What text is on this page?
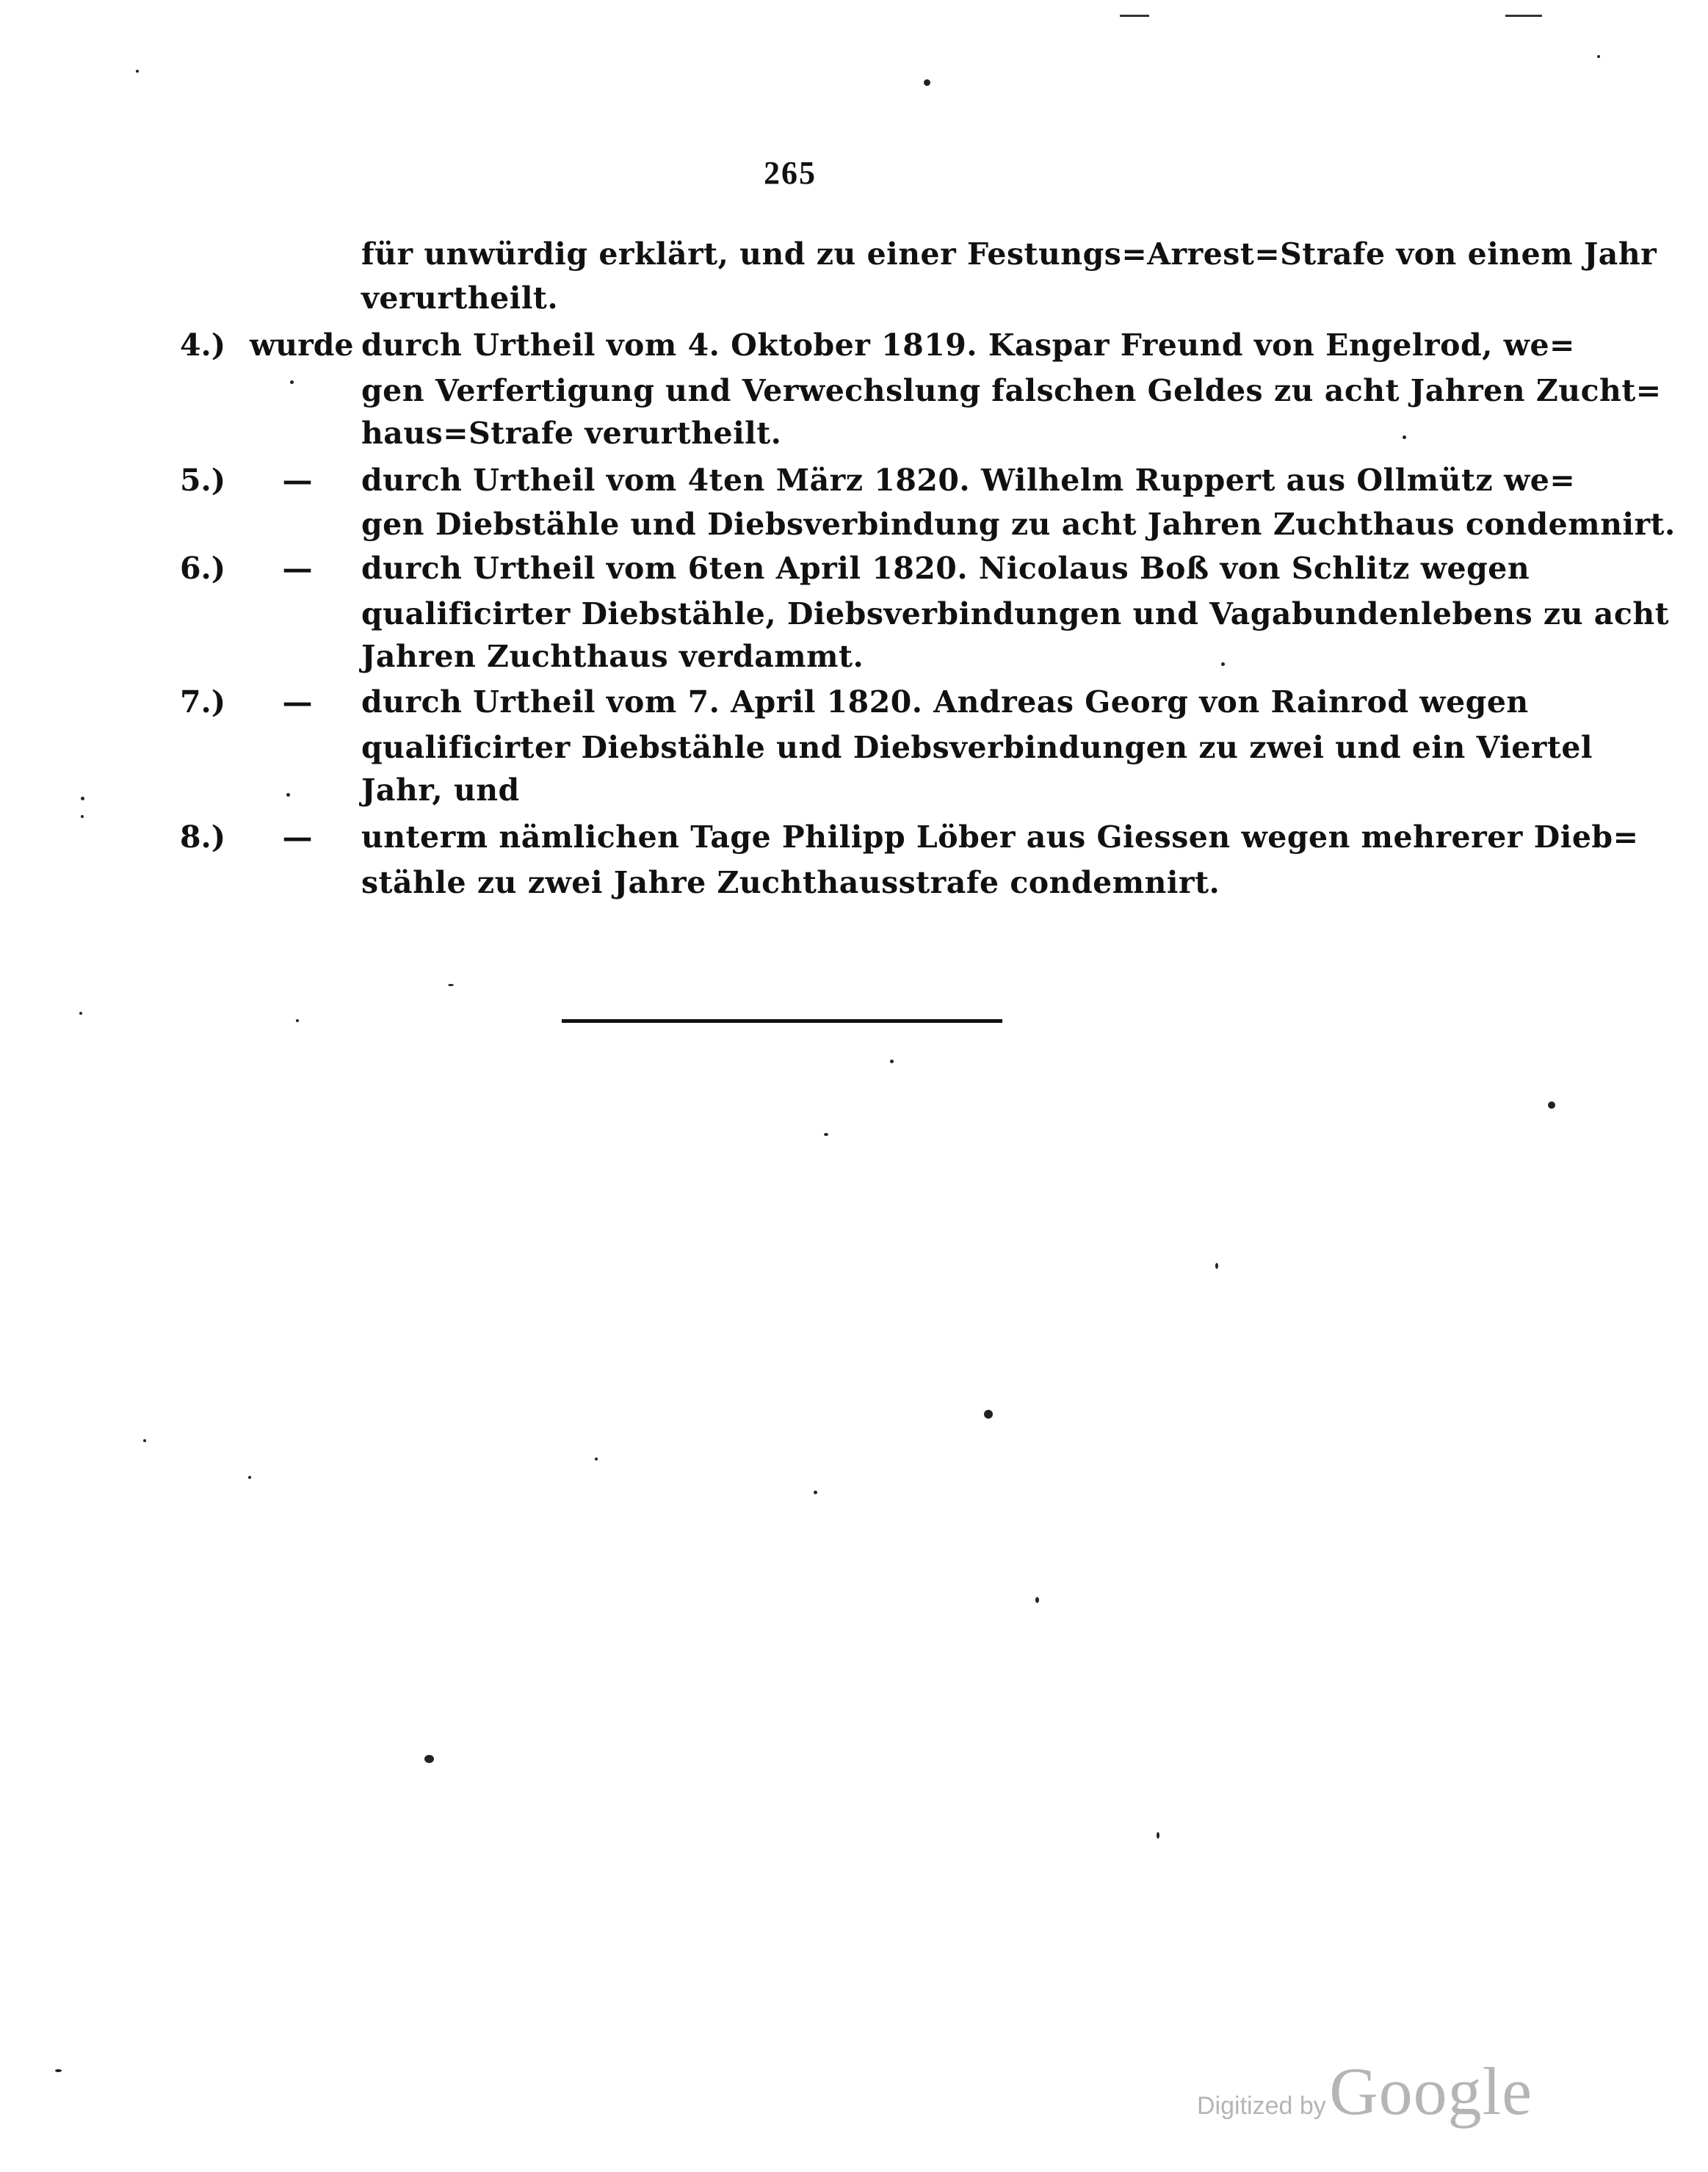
265
für unwürdig erklärt, und zu einer Festungs=Arrest=Strafe von einem Jahr
verurtheilt.
4.) wurde durch Urtheil vom 4. Oktober 1819. Kaspar Freund von Engelrod, we=
gen Verfertigung und Verwechslung falschen Geldes zu acht Jahren Zucht=
haus=Strafe verurtheilt.
5.)	—	durch Urtheil vom 4ten März 1820. Wilhelm Ruppert aus Ollmütz we=
gen Diebstähle und Diebsverbindung zu acht Jahren Zuchthaus condemnirt.
6.)	—	durch Urtheil vom 6ten April 1820. Nicolaus Boß von Schlitz wegen
qualificirter Diebstähle, Diebsverbindungen und Vagabundenlebens zu acht
Jahren Zuchthaus verdammt.
7.)	—	durch Urtheil vom 7. April 1820. Andreas Georg von Rainrod wegen
qualificirter Diebstähle und Diebsverbindungen zu zwei und ein Viertel
Jahr, und
8.)	—	unterm nämlichen Tage Philipp Löber aus Giessen wegen mehrerer Dieb=
stähle zu zwei Jahre Zuchthausstrafe condemnirt.
Digitized by Google
